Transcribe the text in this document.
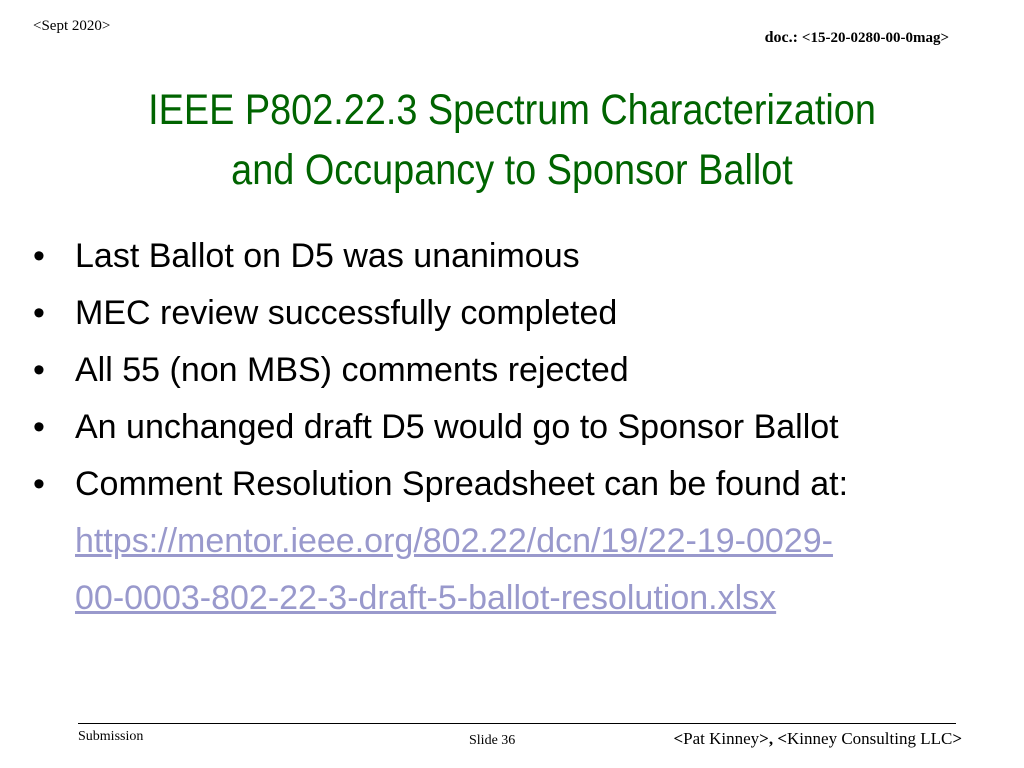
<Sept 2020>
doc.: <15-20-0280-00-0mag>
IEEE P802.22.3 Spectrum Characterization
and Occupancy to Sponsor Ballot
• Last Ballot on D5 was unanimous
• MEC review successfully completed
• All 55 (non MBS) comments rejected
• An unchanged draft D5 would go to Sponsor Ballot
• Comment Resolution Spreadsheet can be found at:
https://mentor.ieee.org/802.22/dcn/19/22-19-0029-
00-0003-802-22-3-draft-5-ballot-resolution.xlsx
Submission	Slide 36	<Pat Kinney>, <Kinney Consulting LLC>
